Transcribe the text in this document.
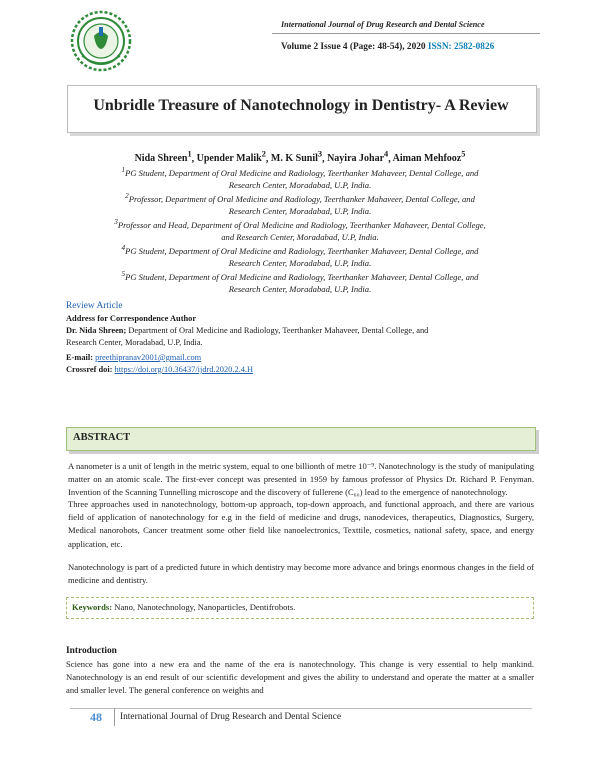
International Journal of Drug Research and Dental Science
Volume 2 Issue 4 (Page: 48-54), 2020 ISSN: 2582-0826
Unbridle Treasure of Nanotechnology in Dentistry- A Review
Nida Shreen$^1$, Upender Malik$^2$, M. K Sunil$^3$, Nayira Johar$^4$, Aiman Mehfooz$^5$
$^1$PG Student, Department of Oral Medicine and Radiology, Teerthanker Mahaveer, Dental College, and
Research Center, Moradabad, U.P, India.
$^2$Professor, Department of Oral Medicine and Radiology, Teerthanker Mahaveer, Dental College, and
Research Center, Moradabad, U.P, India.
$^3$Professor and Head, Department of Oral Medicine and Radiology, Teerthanker Mahaveer, Dental College,
and Research Center, Moradabad, U.P, India.
$^4$PG Student, Department of Oral Medicine and Radiology, Teerthanker Mahaveer, Dental College, and
Research Center, Moradabad, U.P, India.
$^5$PG Student, Department of Oral Medicine and Radiology, Teerthanker Mahaveer, Dental College, and
Research Center, Moradabad, U.P, India.
Review Article
Address for Correspondence Author
Dr. Nida Shreen; Department of Oral Medicine and Radiology, Teerthanker Mahaveer, Dental College, and
Research Center, Moradabad, U.P, India.
E-mail: preethipranav2001@gmail.com
Crossref doi: https://doi.org/10.36437/ijdrd.2020.2.4.H
ABSTRACT
A nanometer is a unit of length in the metric system, equal to one billionth of metre 10⁻⁹. Nanotechnology is the study of manipulating matter on an atomic scale. The first-ever concept was presented in 1959 by famous professor of Physics Dr. Richard P. Fenyman. Invention of the Scanning Tunnelling microscope and the discovery of fullerene (C₆₀) lead to the emergence of nanotechnology.
Three approaches used in nanotechnology, bottom-up approach, top-down approach, and functional approach, and there are various field of application of nanotechnology for e.g in the field of medicine and drugs, nanodevices, therapeutics, Diagnostics, Surgery, Medical nanorobots, Cancer treatment some other field like nanoelectronics, Texttile, cosmetics, national safety, space, and energy application, etc.
Nanotechnology is part of a predicted future in which dentistry may become more advance and brings enormous changes in the field of medicine and dentistry.
Keywords: Nano, Nanotechnology, Nanoparticles, Dentifrobots.
Introduction
Science has gone into a new era and the name of the era is nanotechnology. This change is very essential to help mankind. Nanotechnology is an end result of our scientific development and gives the ability to understand and operate the matter at a smaller and smaller level. The general conference on weights and
48 International Journal of Drug Research and Dental Science
